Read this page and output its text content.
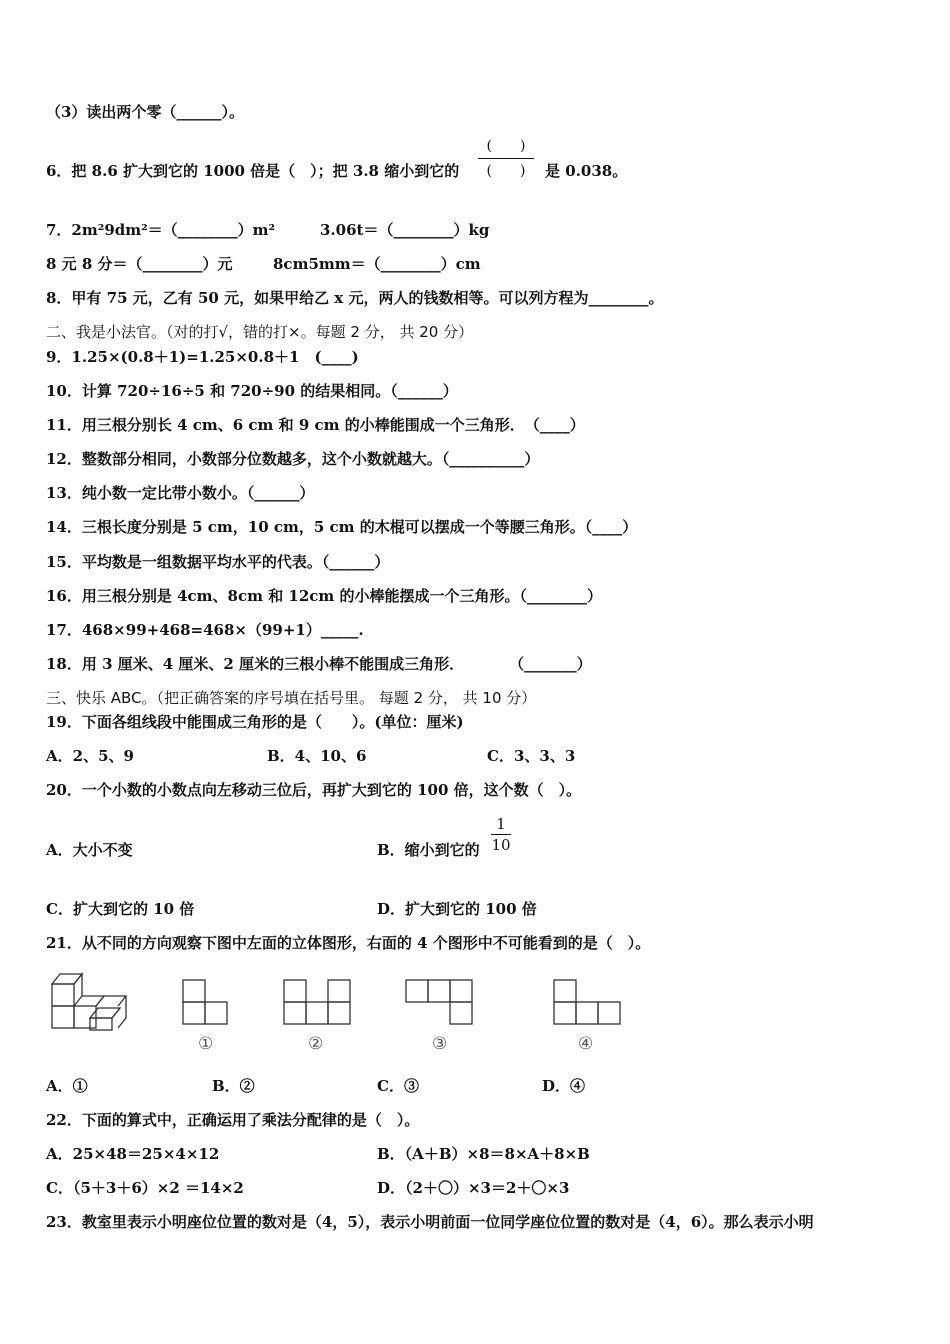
（3）读出两个零（______）。
6．把 8.6 扩大到它的 1000 倍是（　）；把 3.8 缩小到它的
(　　)
(　　)	是 0.038。
7．2m²9dm²＝（________）m²	3.06t＝（________）kg
8 元 8 分＝（________）元	8cm5mm＝（________）cm
8．甲有 75 元，乙有 50 元，如果甲给乙 x 元，两人的钱数相等。可以列方程为________。
二、我是小法官。（对的打√，错的打×。每题 2 分， 共 20 分）
9．1.25×(0.8＋1)=1.25×0.8＋1　(____)
10．计算 720÷16÷5 和 720÷90 的结果相同。（______）
11．用三根分别长 4 cm、6 cm 和 9 cm 的小棒能围成一个三角形．　（____）
12．整数部分相同，小数部分位数越多，这个小数就越大。（__________）
13．纯小数一定比带小数小。（______）
14．三根长度分别是 5 cm，10 cm，5 cm 的木棍可以摆成一个等腰三角形。（____）
15．平均数是一组数据平均水平的代表。（______）
16．用三根分别是 4cm、8cm 和 12cm 的小棒能摆成一个三角形。（________）
17．468×99+468=468×（99+1）_____.
18．用 3 厘米、4 厘米、2 厘米的三根小棒不能围成三角形．　　　　（_______）
三、快乐 ABC。（把正确答案的序号填在括号里。 每题 2 分， 共 10 分）
19．下面各组线段中能围成三角形的是（　　）。(单位：厘米)
A．2、5、9	B．4、10、6	C．3、3、3
20．一个小数的小数点向左移动三位后，再扩大到它的 100 倍，这个数（　）。
A．大小不变	B．缩小到它的
1
10
C．扩大到它的 10 倍	D．扩大到它的 100 倍
21．从不同的方向观察下图中左面的立体图形，右面的 4 个图形中不可能看到的是（　）。
①	②	③	④
A．①	B．②	C．③	D．④
22．下面的算式中，正确运用了乘法分配律的是（　）。
A．25×48＝25×4×12	B．（A＋B）×8＝8×A＋8×B
C．（5＋3＋6）×2 ＝14×2	D．（2＋〇）×3＝2＋〇×3
23．教室里表示小明座位位置的数对是（4，5），表示小明前面一位同学座位位置的数对是（4，6）。那么表示小明
